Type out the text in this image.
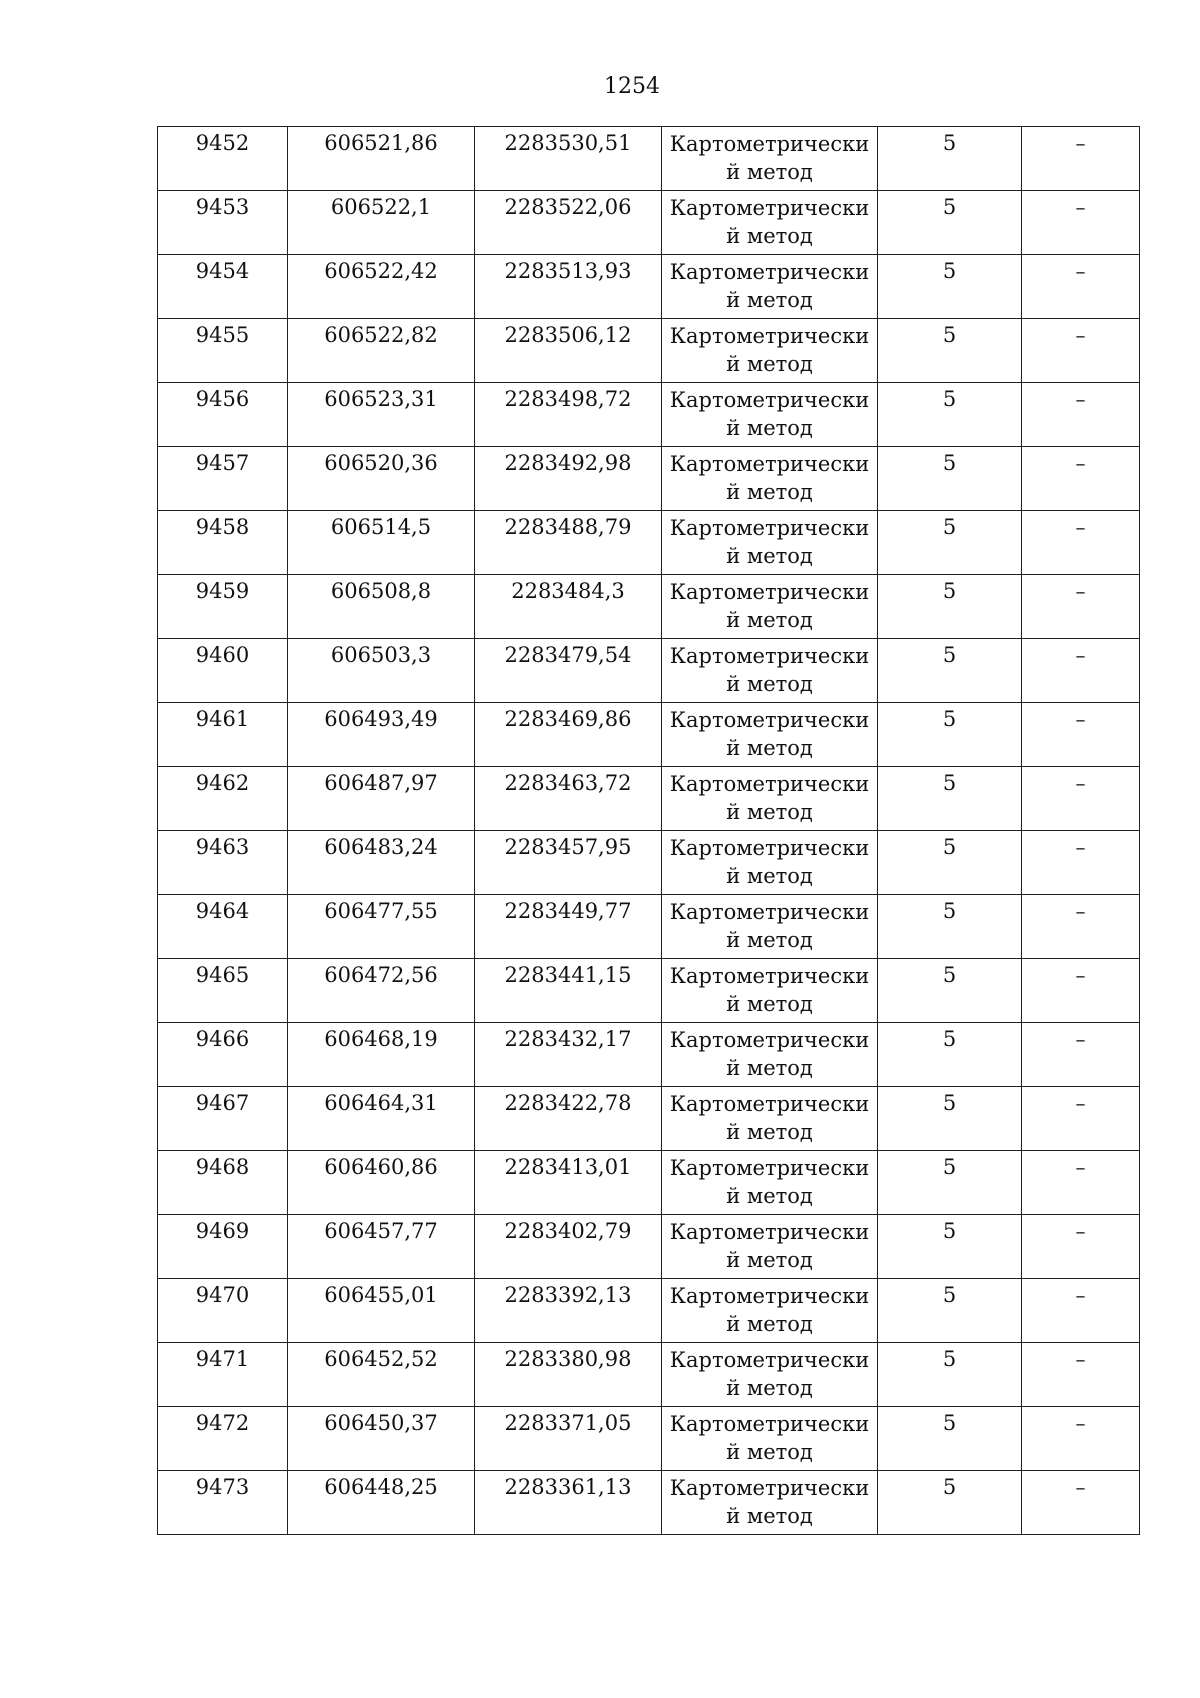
1254
9452	606521,86	2283530,51	Картометрически й метод	5	–

9453	606522,1	2283522,06	Картометрически й метод	5	–

9454	606522,42	2283513,93	Картометрически й метод	5	–

9455	606522,82	2283506,12	Картометрически й метод	5	–

9456	606523,31	2283498,72	Картометрически й метод	5	–

9457	606520,36	2283492,98	Картометрически й метод	5	–

9458	606514,5	2283488,79	Картометрически й метод	5	–

9459	606508,8	2283484,3	Картометрически й метод	5	–

9460	606503,3	2283479,54	Картометрически й метод	5	–

9461	606493,49	2283469,86	Картометрически й метод	5	–

9462	606487,97	2283463,72	Картометрически й метод	5	–

9463	606483,24	2283457,95	Картометрически й метод	5	–

9464	606477,55	2283449,77	Картометрически й метод	5	–

9465	606472,56	2283441,15	Картометрически й метод	5	–

9466	606468,19	2283432,17	Картометрически й метод	5	–

9467	606464,31	2283422,78	Картометрически й метод	5	–

9468	606460,86	2283413,01	Картометрически й метод	5	–

9469	606457,77	2283402,79	Картометрически й метод	5	–

9470	606455,01	2283392,13	Картометрически й метод	5	–

9471	606452,52	2283380,98	Картометрически й метод	5	–

9472	606450,37	2283371,05	Картометрически й метод	5	–

9473	606448,25	2283361,13	Картометрически й метод	5	–
